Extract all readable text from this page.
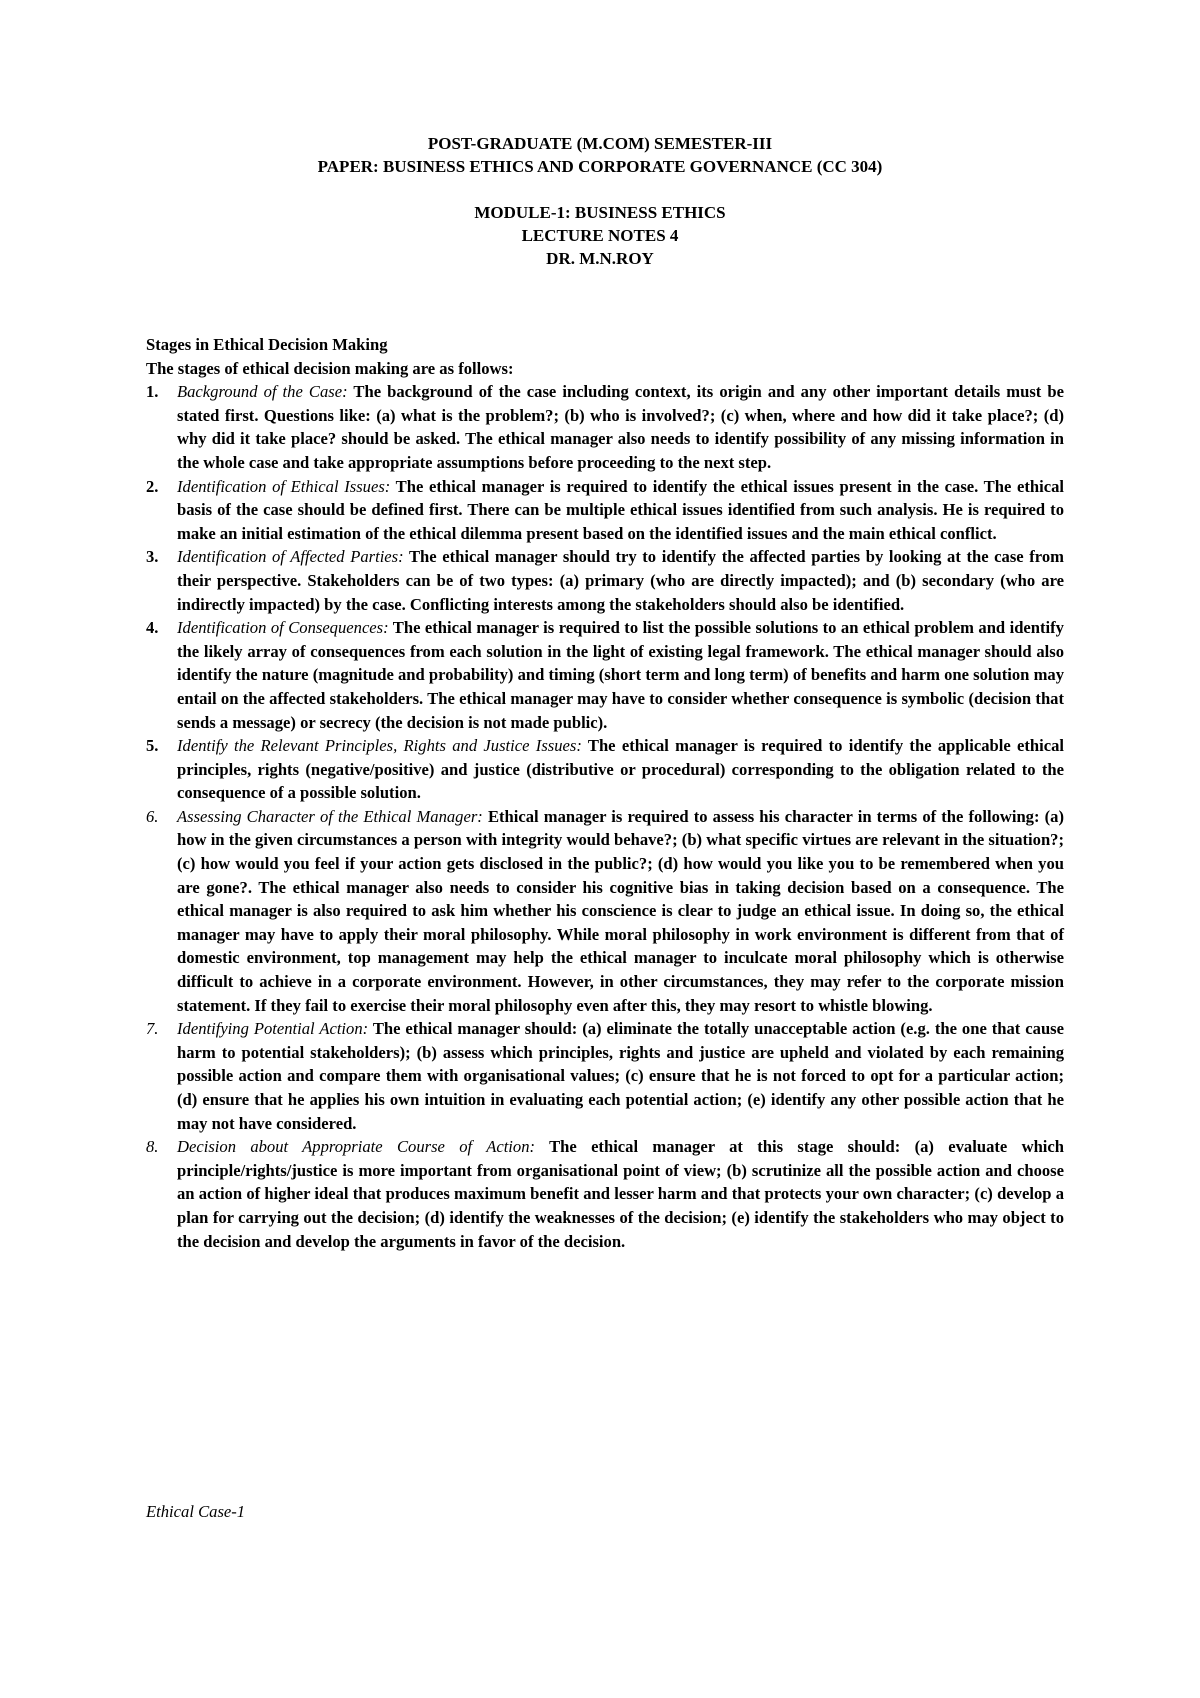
POST-GRADUATE (M.COM) SEMESTER-III
PAPER: BUSINESS ETHICS AND CORPORATE GOVERNANCE (CC 304)
MODULE-1: BUSINESS ETHICS
LECTURE NOTES 4
DR. M.N.ROY
Stages in Ethical Decision Making
The stages of ethical decision making are as follows:
1. Background of the Case: The background of the case including context, its origin and any other important details must be stated first. Questions like: (a) what is the problem?; (b) who is involved?; (c) when, where and how did it take place?; (d) why did it take place? should be asked. The ethical manager also needs to identify possibility of any missing information in the whole case and take appropriate assumptions before proceeding to the next step.
2. Identification of Ethical Issues: The ethical manager is required to identify the ethical issues present in the case. The ethical basis of the case should be defined first. There can be multiple ethical issues identified from such analysis. He is required to make an initial estimation of the ethical dilemma present based on the identified issues and the main ethical conflict.
3. Identification of Affected Parties: The ethical manager should try to identify the affected parties by looking at the case from their perspective. Stakeholders can be of two types: (a) primary (who are directly impacted); and (b) secondary (who are indirectly impacted) by the case. Conflicting interests among the stakeholders should also be identified.
4. Identification of Consequences: The ethical manager is required to list the possible solutions to an ethical problem and identify the likely array of consequences from each solution in the light of existing legal framework. The ethical manager should also identify the nature (magnitude and probability) and timing (short term and long term) of benefits and harm one solution may entail on the affected stakeholders. The ethical manager may have to consider whether consequence is symbolic (decision that sends a message) or secrecy (the decision is not made public).
5. Identify the Relevant Principles, Rights and Justice Issues: The ethical manager is required to identify the applicable ethical principles, rights (negative/positive) and justice (distributive or procedural) corresponding to the obligation related to the consequence of a possible solution.
6. Assessing Character of the Ethical Manager: Ethical manager is required to assess his character in terms of the following: (a) how in the given circumstances a person with integrity would behave?; (b) what specific virtues are relevant in the situation?; (c) how would you feel if your action gets disclosed in the public?; (d) how would you like you to be remembered when you are gone?. The ethical manager also needs to consider his cognitive bias in taking decision based on a consequence. The ethical manager is also required to ask him whether his conscience is clear to judge an ethical issue. In doing so, the ethical manager may have to apply their moral philosophy. While moral philosophy in work environment is different from that of domestic environment, top management may help the ethical manager to inculcate moral philosophy which is otherwise difficult to achieve in a corporate environment. However, in other circumstances, they may refer to the corporate mission statement. If they fail to exercise their moral philosophy even after this, they may resort to whistle blowing.
7. Identifying Potential Action: The ethical manager should: (a) eliminate the totally unacceptable action (e.g. the one that cause harm to potential stakeholders); (b) assess which principles, rights and justice are upheld and violated by each remaining possible action and compare them with organisational values; (c) ensure that he is not forced to opt for a particular action; (d) ensure that he applies his own intuition in evaluating each potential action; (e) identify any other possible action that he may not have considered.
8. Decision about Appropriate Course of Action: The ethical manager at this stage should: (a) evaluate which principle/rights/justice is more important from organisational point of view; (b) scrutinize all the possible action and choose an action of higher ideal that produces maximum benefit and lesser harm and that protects your own character; (c) develop a plan for carrying out the decision; (d) identify the weaknesses of the decision; (e) identify the stakeholders who may object to the decision and develop the arguments in favor of the decision.
Ethical Case-1
